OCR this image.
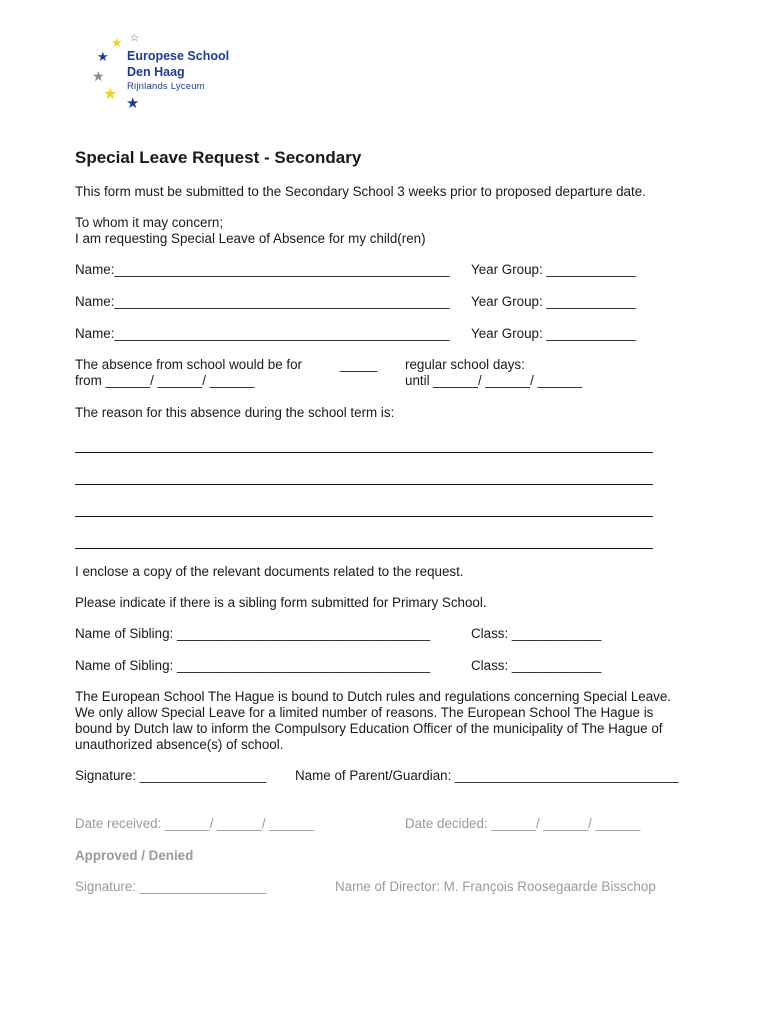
★ ☆
★
★
★
★
Europese School
Den Haag
Rijnlands Lyceum
Special Leave Request - Secondary
This form must be submitted to the Secondary School 3 weeks prior to proposed departure date.
To whom it may concern;
I am requesting Special Leave of Absence for my child(ren)
Name:_____________________________________________ Year Group: ____________
Name:_____________________________________________ Year Group: ____________
Name:_____________________________________________ Year Group: ____________
The absence from school would be for	_____ regular school days:
from ______/ ______/ ______	until ______/ ______/ ______
The reason for this absence during the school term is:
I enclose a copy of the relevant documents related to the request.
Please indicate if there is a sibling form submitted for Primary School.
Name of Sibling: __________________________________	Class: ____________
Name of Sibling: __________________________________	Class: ____________
The European School The Hague is bound to Dutch rules and regulations concerning Special Leave. We only allow Special Leave for a limited number of reasons. The European School The Hague is bound by Dutch law to inform the Compulsory Education Officer of the municipality of The Hague of unauthorized absence(s) of school.
Signature: _________________ Name of Parent/Guardian: ______________________________
Date received: ______/ ______/ ______	Date decided: ______/ ______/ ______
Approved / Denied
Signature: _________________	Name of Director: M. François Roosegaarde Bisschop
